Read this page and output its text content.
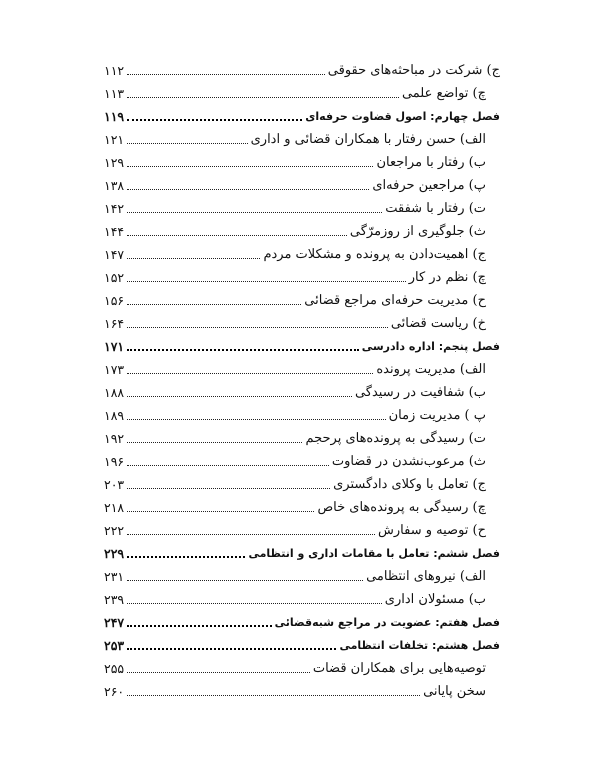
ج) شرکت در مباحثه‌های حقوقی
۱۱۲
چ) تواضع علمی
۱۱۳
فصل چهارم: اصول قضاوت حرفه‌ای
۱۱۹
الف) حسن رفتار با همکاران قضائی و اداری
۱۲۱
ب) رفتار با مراجعان
۱۲۹
پ) مراجعین حرفه‌ای
۱۳۸
ت) رفتار با شفقت
۱۴۲
ث) جلوگیری از روزمرّگی
۱۴۴
ج) اهمیت‌دادن به پرونده و مشکلات مردم
۱۴۷
چ) نظم در کار
۱۵۲
ح) مدیریت حرفه‌ای مراجع قضائی
۱۵۶
خ) ریاست قضائی
۱۶۴
فصل پنجم: اداره دادرسی
۱۷۱
الف) مدیریت پرونده
۱۷۳
ب) شفافیت در رسیدگی
۱۸۸
پ ) مدیریت زمان
۱۸۹
ت) رسیدگی به پرونده‌های پرحجم
۱۹۲
ث) مرعوب‌نشدن در قضاوت
۱۹۶
ج) تعامل با وکلای دادگستری
۲۰۳
چ) رسیدگی به پرونده‌های خاص
۲۱۸
ح) توصیه و سفارش
۲۲۲
فصل ششم: تعامل با مقامات اداری و انتظامی
۲۲۹
الف) نیروهای انتظامی
۲۳۱
ب) مسئولان اداری
۲۳۹
فصل هفتم: عضویت در مراجع شبه‌قضائی
۲۴۷
فصل هشتم: تخلفات انتظامی
۲۵۳
توصیه‌هایی برای همکاران قضات
۲۵۵
سخن پایانی
۲۶۰
